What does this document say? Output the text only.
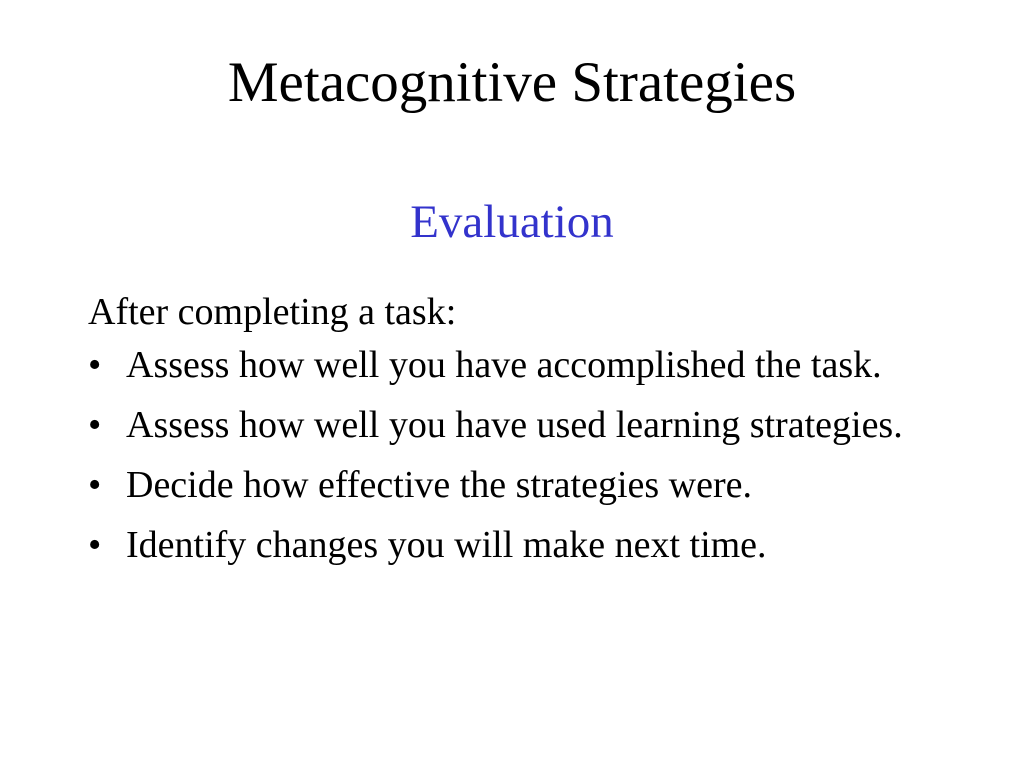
Metacognitive Strategies
Evaluation

After completing a task:

• Assess how well you have accomplished the task.
• Assess how well you have used learning strategies.
• Decide how effective the strategies were.
• Identify changes you will make next time.
